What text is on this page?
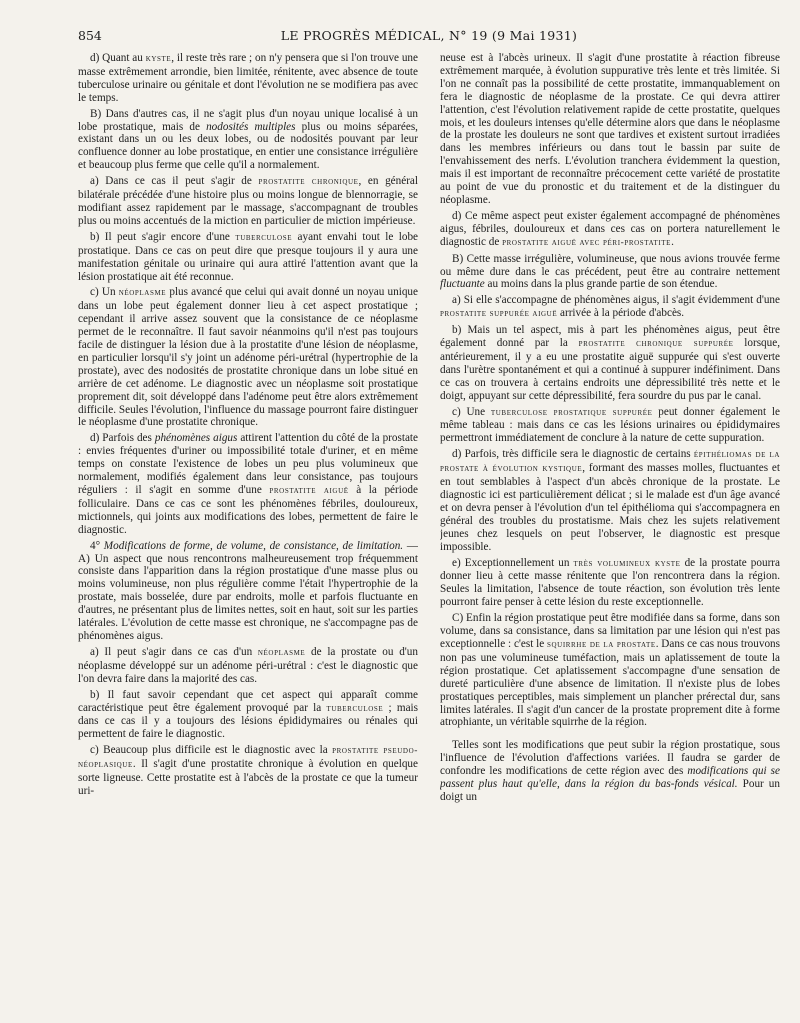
854	LE PROGRÈS MÉDICAL, N° 19 (9 Mai 1931)

d) Quant au kyste, il reste très rare ; on n'y pensera que si l'on trouve une masse extrêmement arrondie, bien limitée, rénitente, avec absence de toute tuberculose urinaire ou génitale et dont l'évolution ne se modifiera pas avec le temps.

B) Dans d'autres cas, il ne s'agit plus d'un noyau unique localisé à un lobe prostatique, mais de nodosités multiples plus ou moins séparées, existant dans un ou les deux lobes, ou de nodosités pouvant par leur confluence donner au lobe prostatique, en entier une consistance irrégulière et beaucoup plus ferme que celle qu'il a normalement.

a) Dans ce cas il peut s'agir de prostatite chronique, en général bilatérale précédée d'une histoire plus ou moins longue de blennorragie, se modifiant assez rapidement par le massage, s'accompagnant de troubles plus ou moins accentués de la miction en particulier de miction impérieuse.

b) Il peut s'agir encore d'une tuberculose ayant envahi tout le lobe prostatique. Dans ce cas on peut dire que presque toujours il y aura une manifestation génitale ou urinaire qui aura attiré l'attention avant que la lésion prostatique ait été reconnue.

c) Un néoplasme plus avancé que celui qui avait donné un noyau unique dans un lobe peut également donner lieu à cet aspect prostatique ; cependant il arrive assez souvent que la consistance de ce néoplasme permet de le reconnaître. Il faut savoir néanmoins qu'il n'est pas toujours facile de distinguer la lésion due à la prostatite d'une lésion de néoplasme, en particulier lorsqu'il s'y joint un adénome péri-urétral (hypertrophie de la prostate), avec des nodosités de prostatite chronique dans un lobe situé en arrière de cet adénome. Le diagnostic avec un néoplasme soit prostatique proprement dit, soit développé dans l'adénome peut être alors extrêmement difficile. Seules l'évolution, l'influence du massage pourront faire distinguer le néoplasme d'une prostatite chronique.

d) Parfois des phénomènes aigus attirent l'attention du côté de la prostate : envies fréquentes d'uriner ou impossibilité totale d'uriner, et en même temps on constate l'existence de lobes un peu plus volumineux que normalement, modifiés également dans leur consistance, pas toujours réguliers : il s'agit en somme d'une prostatite aiguë à la période folliculaire. Dans ce cas ce sont les phénomènes fébriles, douloureux, mictionnels, qui joints aux modifications des lobes, permettent de faire le diagnostic.

4° Modifications de forme, de volume, de consistance, de limitation. — A) Un aspect que nous rencontrons malheureusement trop fréquemment consiste dans l'apparition dans la région prostatique d'une masse plus ou moins volumineuse, non plus régulière comme l'était l'hypertrophie de la prostate, mais bosselée, dure par endroits, molle et parfois fluctuante en d'autres, ne présentant plus de limites nettes, soit en haut, soit sur les parties latérales. L'évolution de cette masse est chronique, ne s'accompagne pas de phénomènes aigus.

a) Il peut s'agir dans ce cas d'un néoplasme de la prostate ou d'un néoplasme développé sur un adénome péri-urétral : c'est le diagnostic que l'on devra faire dans la majorité des cas.

b) Il faut savoir cependant que cet aspect qui apparaît comme caractéristique peut être également provoqué par la tuberculose ; mais dans ce cas il y a toujours des lésions épididymaires ou rénales qui permettent de faire le diagnostic.

c) Beaucoup plus difficile est le diagnostic avec la prostatite pseudo-néoplasique. Il s'agit d'une prostatite chronique à évolution en quelque sorte ligneuse. Cette prostatite est à l'abcès de la prostate ce que la tumeur uri-

neuse est à l'abcès urineux. Il s'agit d'une prostatite à réaction fibreuse extrêmement marquée, à évolution suppurative très lente et très limitée. Si l'on ne connaît pas la possibilité de cette prostatite, immanquablement on fera le diagnostic de néoplasme de la prostate. Ce qui devra attirer l'attention, c'est l'évolution relativement rapide de cette prostatite, quelques mois, et les douleurs intenses qu'elle détermine alors que dans le néoplasme de la prostate les douleurs ne sont que tardives et existent surtout irradiées dans les membres inférieurs ou dans tout le bassin par suite de l'envahissement des nerfs. L'évolution tranchera évidemment la question, mais il est important de reconnaître précocement cette variété de prostatite au point de vue du pronostic et du traitement et de la distinguer du néoplasme.

d) Ce même aspect peut exister également accompagné de phénomènes aigus, fébriles, douloureux et dans ces cas on portera naturellement le diagnostic de prostatite aiguë avec péri-prostatite.

B) Cette masse irrégulière, volumineuse, que nous avions trouvée ferme ou même dure dans le cas précédent, peut être au contraire nettement fluctuante au moins dans la plus grande partie de son étendue.

a) Si elle s'accompagne de phénomènes aigus, il s'agit évidemment d'une prostatite suppurée aiguë arrivée à la période d'abcès.

b) Mais un tel aspect, mis à part les phénomènes aigus, peut être également donné par la prostatite chronique suppurée lorsque, antérieurement, il y a eu une prostatite aiguë suppurée qui s'est ouverte dans l'urètre spontanément et qui a continué à suppurer indéfiniment. Dans ce cas on trouvera à certains endroits une dépressibilité très nette et le doigt, appuyant sur cette dépressibilité, fera sourdre du pus par le canal.

c) Une tuberculose prostatique suppurée peut donner également le même tableau : mais dans ce cas les lésions urinaires ou épididymaires permettront immédiatement de conclure à la nature de cette suppuration.

d) Parfois, très difficile sera le diagnostic de certains épithéliomas de la prostate à évolution kystique, formant des masses molles, fluctuantes et en tout semblables à l'aspect d'un abcès chronique de la prostate. Le diagnostic ici est particulièrement délicat ; si le malade est d'un âge avancé et on devra penser à l'évolution d'un tel épithélioma qui s'accompagnera en général des troubles du prostatisme. Mais chez les sujets relativement jeunes chez lesquels on peut l'observer, le diagnostic est presque impossible.

e) Exceptionnellement un très volumineux kyste de la prostate pourra donner lieu à cette masse rénitente que l'on rencontrera dans la région. Seules la limitation, l'absence de toute réaction, son évolution très lente pourront faire penser à cette lésion du reste exceptionnelle.

C) Enfin la région prostatique peut être modifiée dans sa forme, dans son volume, dans sa consistance, dans sa limitation par une lésion qui n'est pas exceptionnelle : c'est le squirrhe de la prostate. Dans ce cas nous trouvons non pas une volumineuse tuméfaction, mais un aplatissement de toute la région prostatique. Cet aplatissement s'accompagne d'une sensation de dureté particulière d'une absence de limitation. Il n'existe plus de lobes prostatiques perceptibles, mais simplement un plancher prérectal dur, sans limites latérales. Il s'agit d'un cancer de la prostate proprement dite à forme atrophiante, un véritable squirrhe de la région.

Telles sont les modifications que peut subir la région prostatique, sous l'influence de l'évolution d'affections variées. Il faudra se garder de confondre les modifications de cette région avec des modifications qui se passent plus haut qu'elle, dans la région du bas-fonds vésical. Pour un doigt un
